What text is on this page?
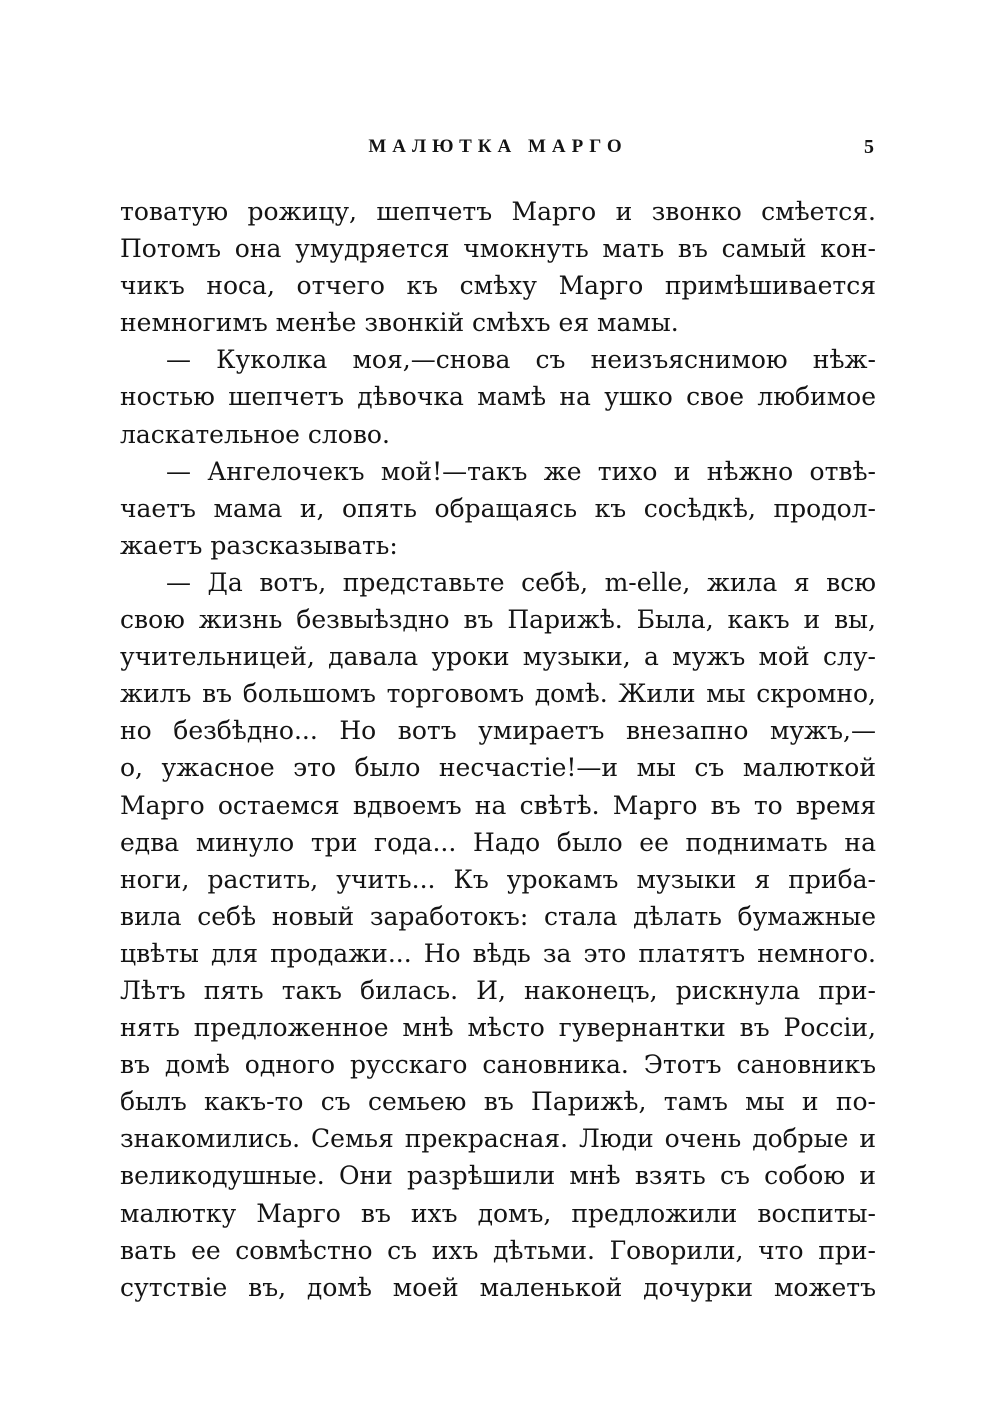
МАЛЮТКА МАРГО	5
товатую рожицу, шепчетъ Марго и звонко смѣется.
Потомъ она умудряется чмокнуть мать въ самый кон-
чикъ носа, отчего къ смѣху Марго примѣшивается
немногимъ менѣе звонкій смѣхъ ея мамы.
— Куколка моя,—снова съ неизъяснимою нѣж-
ностью шепчетъ дѣвочка мамѣ на ушко свое любимое
ласкательное слово.
— Ангелочекъ мой!—такъ же тихо и нѣжно отвѣ-
чаетъ мама и, опять обращаясь къ сосѣдкѣ, продол-
жаетъ разсказывать:
— Да вотъ, представьте себѣ, m-elle, жила я всю
свою жизнь безвыѣздно въ Парижѣ. Была, какъ и вы,
учительницей, давала уроки музыки, а мужъ мой слу-
жилъ въ большомъ торговомъ домѣ. Жили мы скромно,
но безбѣдно... Но вотъ умираетъ внезапно мужъ,—
о, ужасное это было несчастіе!—и мы съ малюткой
Марго остаемся вдвоемъ на свѣтѣ. Марго въ то время
едва минуло три года... Надо было ее поднимать на
ноги, растить, учить... Къ урокамъ музыки я прибa-
вила себѣ новый заработокъ: стала дѣлать бумажные
цвѣты для продажи... Но вѣдь за это платятъ немного.
Лѣтъ пять такъ билась. И, наконецъ, рискнула при-
нять предложенное мнѣ мѣсто гувернантки въ Россіи,
въ домѣ одного русскаго сановника. Этотъ сановникъ
былъ какъ-то съ семьею въ Парижѣ, тамъ мы и по-
знакомились. Семья прекрасная. Люди очень добрые и
великодушные. Они разрѣшили мнѣ взять съ собою и
малютку Марго въ ихъ домъ, предложили воспиты-
вать ее совмѣстно съ ихъ дѣтьми. Говорили, что при-
сутствіе въ, домѣ моей маленькой дочурки можетъ
